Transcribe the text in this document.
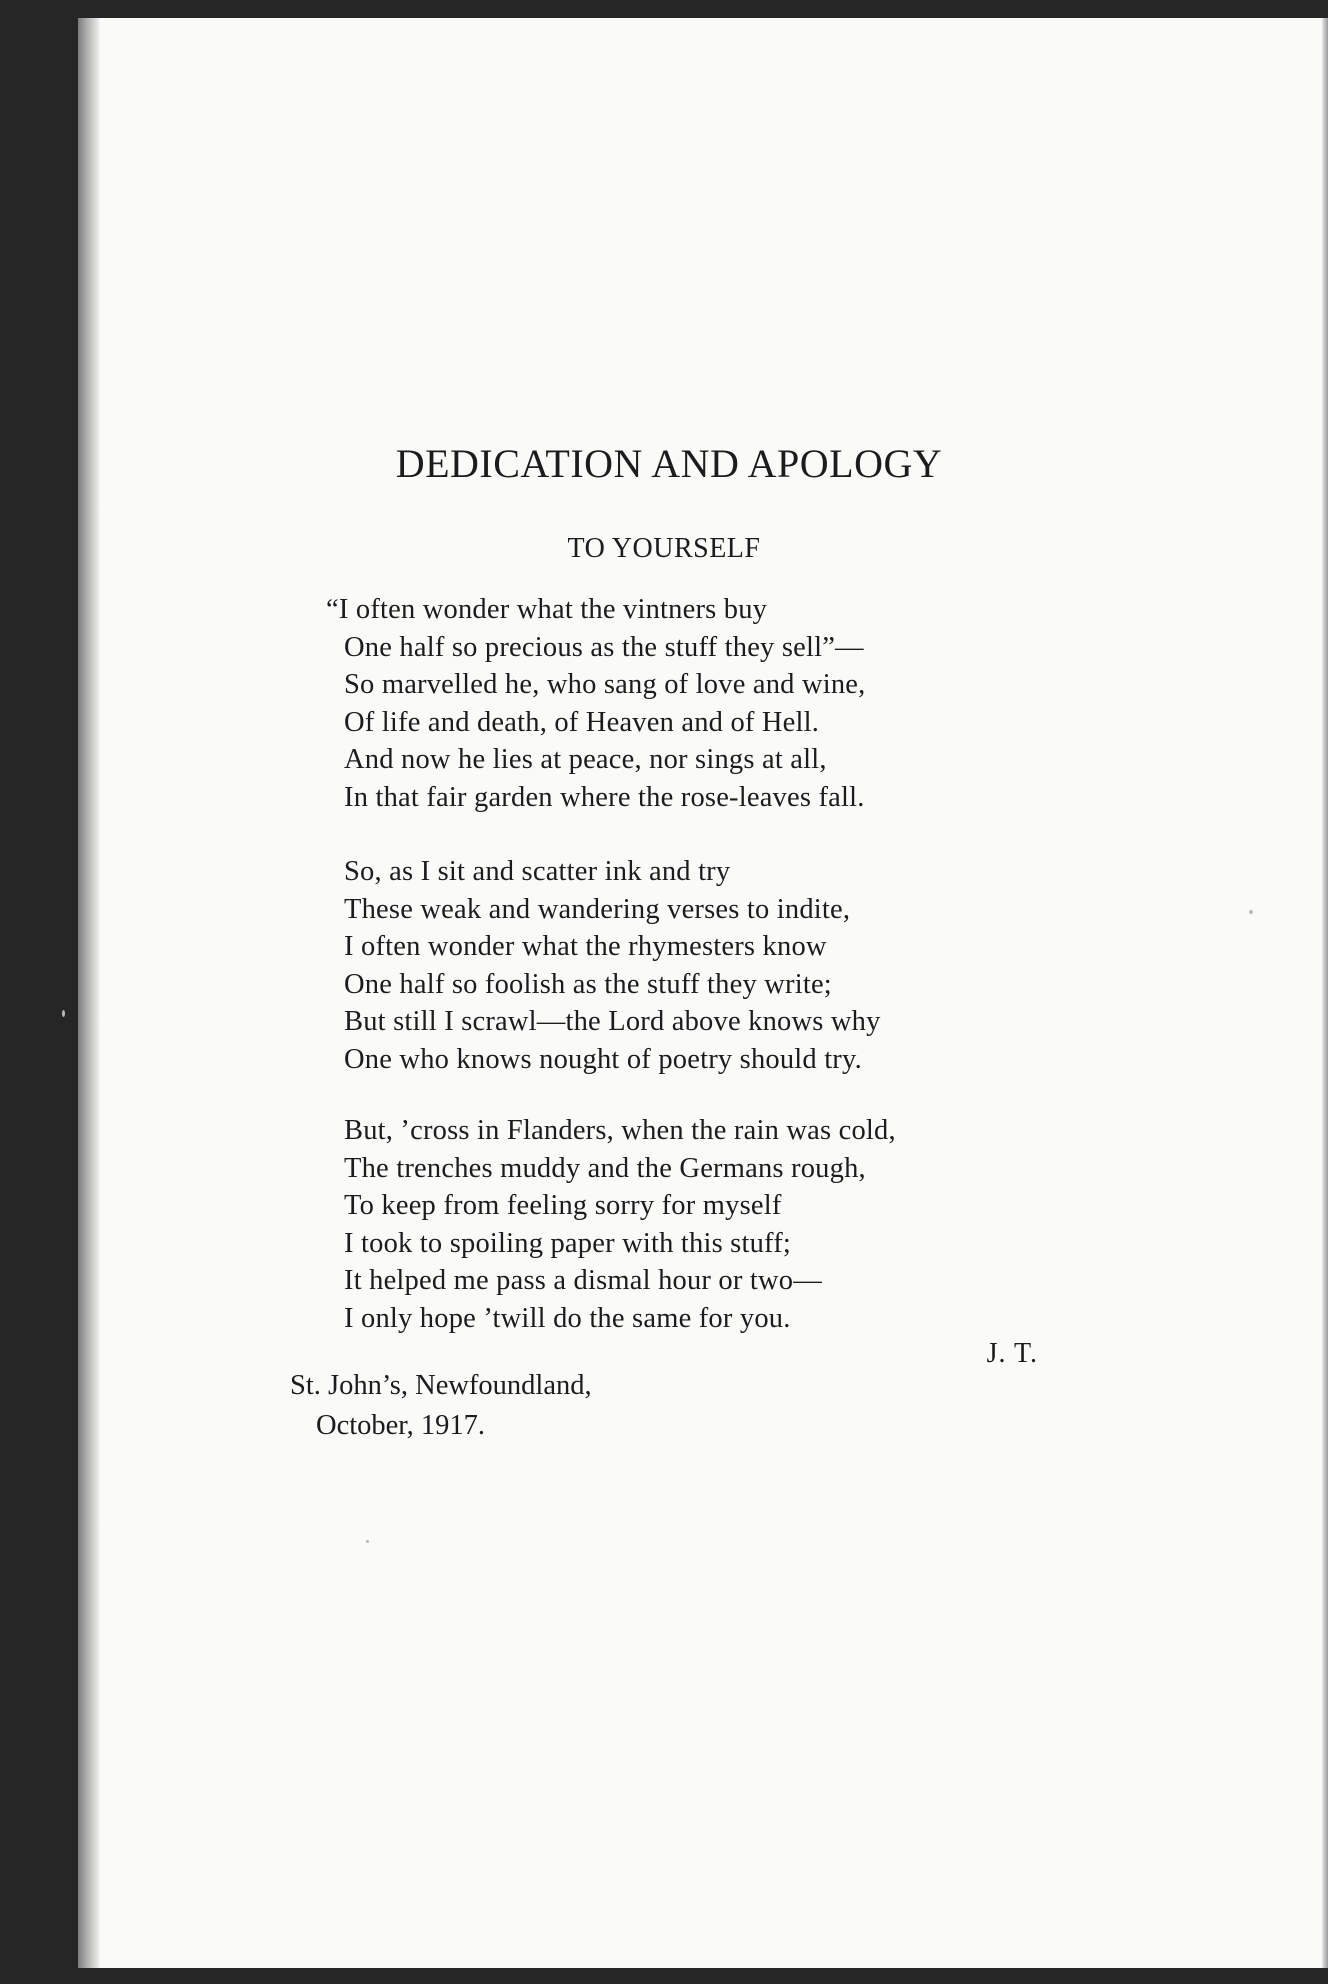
DEDICATION AND APOLOGY
TO YOURSELF
“I often wonder what the vintners buy
One half so precious as the stuff they sell”—
So marvelled he, who sang of love and wine,
Of life and death, of Heaven and of Hell.
And now he lies at peace, nor sings at all,
In that fair garden where the rose-leaves fall.
So, as I sit and scatter ink and try
These weak and wandering verses to indite,
I often wonder what the rhymesters know
One half so foolish as the stuff they write;
But still I scrawl—the Lord above knows why
One who knows nought of poetry should try.
But, ’cross in Flanders, when the rain was cold,
The trenches muddy and the Germans rough,
To keep from feeling sorry for myself
I took to spoiling paper with this stuff;
It helped me pass a dismal hour or two—
I only hope ’twill do the same for you.
J. T.
St. John’s, Newfoundland,
October, 1917.
